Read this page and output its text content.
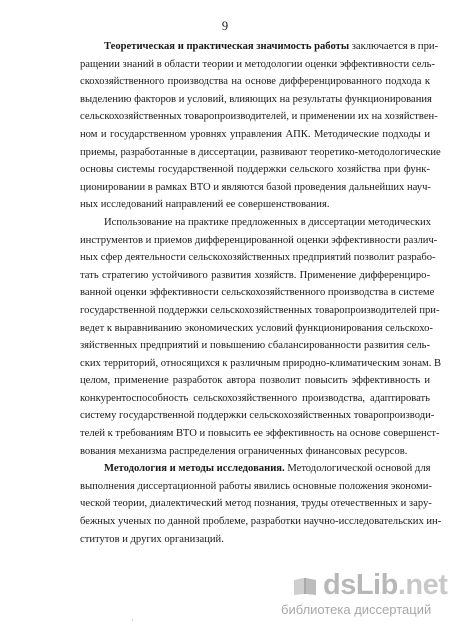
9
Теоретическая и практическая значимость работы заключается в при-
ращении знаний в области теории и методологии оценки эффективности сель-
скохозяйственного производства на основе дифференцированного подхода к
выделению факторов и условий, влияющих на результаты функционирования
сельскохозяйственных товаропроизводителей, и применении их на хозяйствен-
ном и государственном уровнях управления АПК. Методические подходы и
приемы, разработанные в диссертации, развивают теоретико-методологические
основы системы государственной поддержки сельского хозяйства при функ-
ционировании в рамках ВТО и являются базой проведения дальнейших науч-
ных исследований направлений ее совершенствования.
Использование на практике предложенных в диссертации методических
инструментов и приемов дифференцированной оценки эффективности различ-
ных сфер деятельности сельскохозяйственных предприятий позволит разрабо-
тать стратегию устойчивого развития хозяйств. Применение дифференциро-
ванной оценки эффективности сельскохозяйственного производства в системе
государственной поддержки сельскохозяйственных товаропроизводителей при-
ведет к выравниванию экономических условий функционирования сельскохо-
зяйственных предприятий и повышению сбалансированности развития сель-
ских территорий, относящихся к различным природно-климатическим зонам. В
целом, применение разработок автора позволит повысить эффективность и
конкурентоспособность сельскохозяйственного производства, адаптировать
систему государственной поддержки сельскохозяйственных товаропроизводи-
телей к требованиям ВТО и повысить ее эффективность на основе совершенст-
вования механизма распределения ограниченных финансовых ресурсов.
Методология и методы исследования. Методологической основой для
выполнения диссертационной работы явились основные положения экономи-
ческой теории, диалектический метод познания, труды отечественных и зару-
бежных ученых по данной проблеме, разработки научно-исследовательских ин-
ститутов и других организаций.
dsLib.net
библиотека диссертаций
·
